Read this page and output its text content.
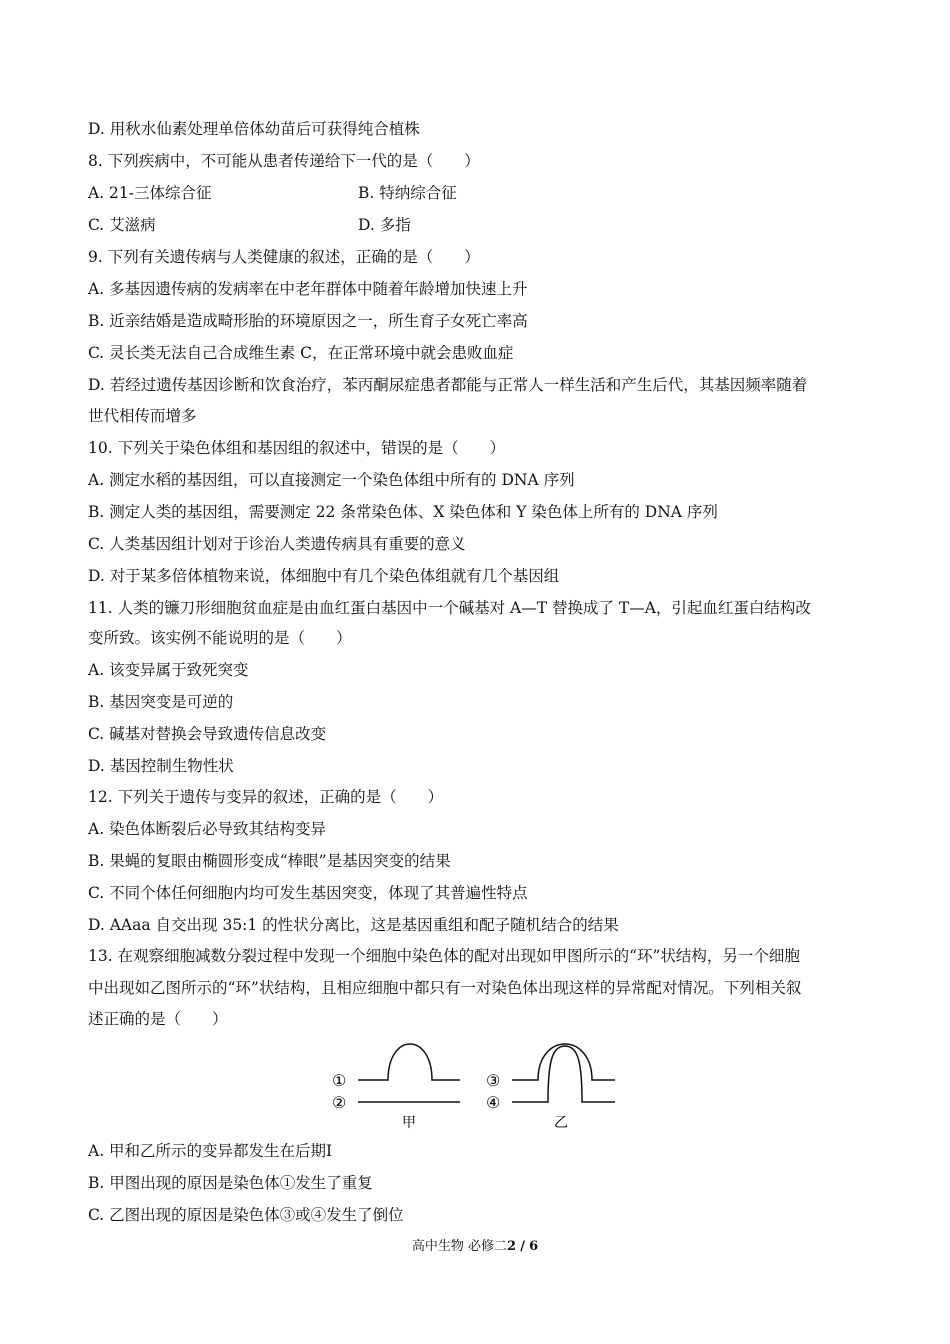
D. 用秋水仙素处理单倍体幼苗后可获得纯合植株
8. 下列疾病中，不可能从患者传递给下一代的是（　　）
A. 21-三体综合征	B. 特纳综合征
C. 艾滋病	D. 多指
9. 下列有关遗传病与人类健康的叙述，正确的是（　　）
A. 多基因遗传病的发病率在中老年群体中随着年龄增加快速上升
B. 近亲结婚是造成畸形胎的环境原因之一，所生育子女死亡率高
C. 灵长类无法自己合成维生素 C，在正常环境中就会患败血症
D. 若经过遗传基因诊断和饮食治疗，苯丙酮尿症患者都能与正常人一样生活和产生后代，其基因频率随着
世代相传而增多
10. 下列关于染色体组和基因组的叙述中，错误的是（　　）
A. 测定水稻的基因组，可以直接测定一个染色体组中所有的 DNA 序列
B. 测定人类的基因组，需要测定 22 条常染色体、X 染色体和 Y 染色体上所有的 DNA 序列
C. 人类基因组计划对于诊治人类遗传病具有重要的意义
D. 对于某多倍体植物来说，体细胞中有几个染色体组就有几个基因组
11. 人类的镰刀形细胞贫血症是由血红蛋白基因中一个碱基对 A—T 替换成了 T—A，引起血红蛋白结构改
变所致。该实例不能说明的是（　　）
A. 该变异属于致死突变
B. 基因突变是可逆的
C. 碱基对替换会导致遗传信息改变
D. 基因控制生物性状
12. 下列关于遗传与变异的叙述，正确的是（　　）
A. 染色体断裂后必导致其结构变异
B. 果蝇的复眼由椭圆形变成“棒眼”是基因突变的结果
C. 不同个体任何细胞内均可发生基因突变，体现了其普遍性特点
D. AAaa 自交出现 35:1 的性状分离比，这是基因重组和配子随机结合的结果
13. 在观察细胞减数分裂过程中发现一个细胞中染色体的配对出现如甲图所示的“环”状结构，另一个细胞
中出现如乙图所示的“环”状结构，且相应细胞中都只有一对染色体出现这样的异常配对情况。下列相关叙
述正确的是（　　）
①
②
甲
③
④
乙
A. 甲和乙所示的变异都发生在后期I
B. 甲图出现的原因是染色体①发生了重复
C. 乙图出现的原因是染色体③或④发生了倒位
高中生物 必修二2 / 6
